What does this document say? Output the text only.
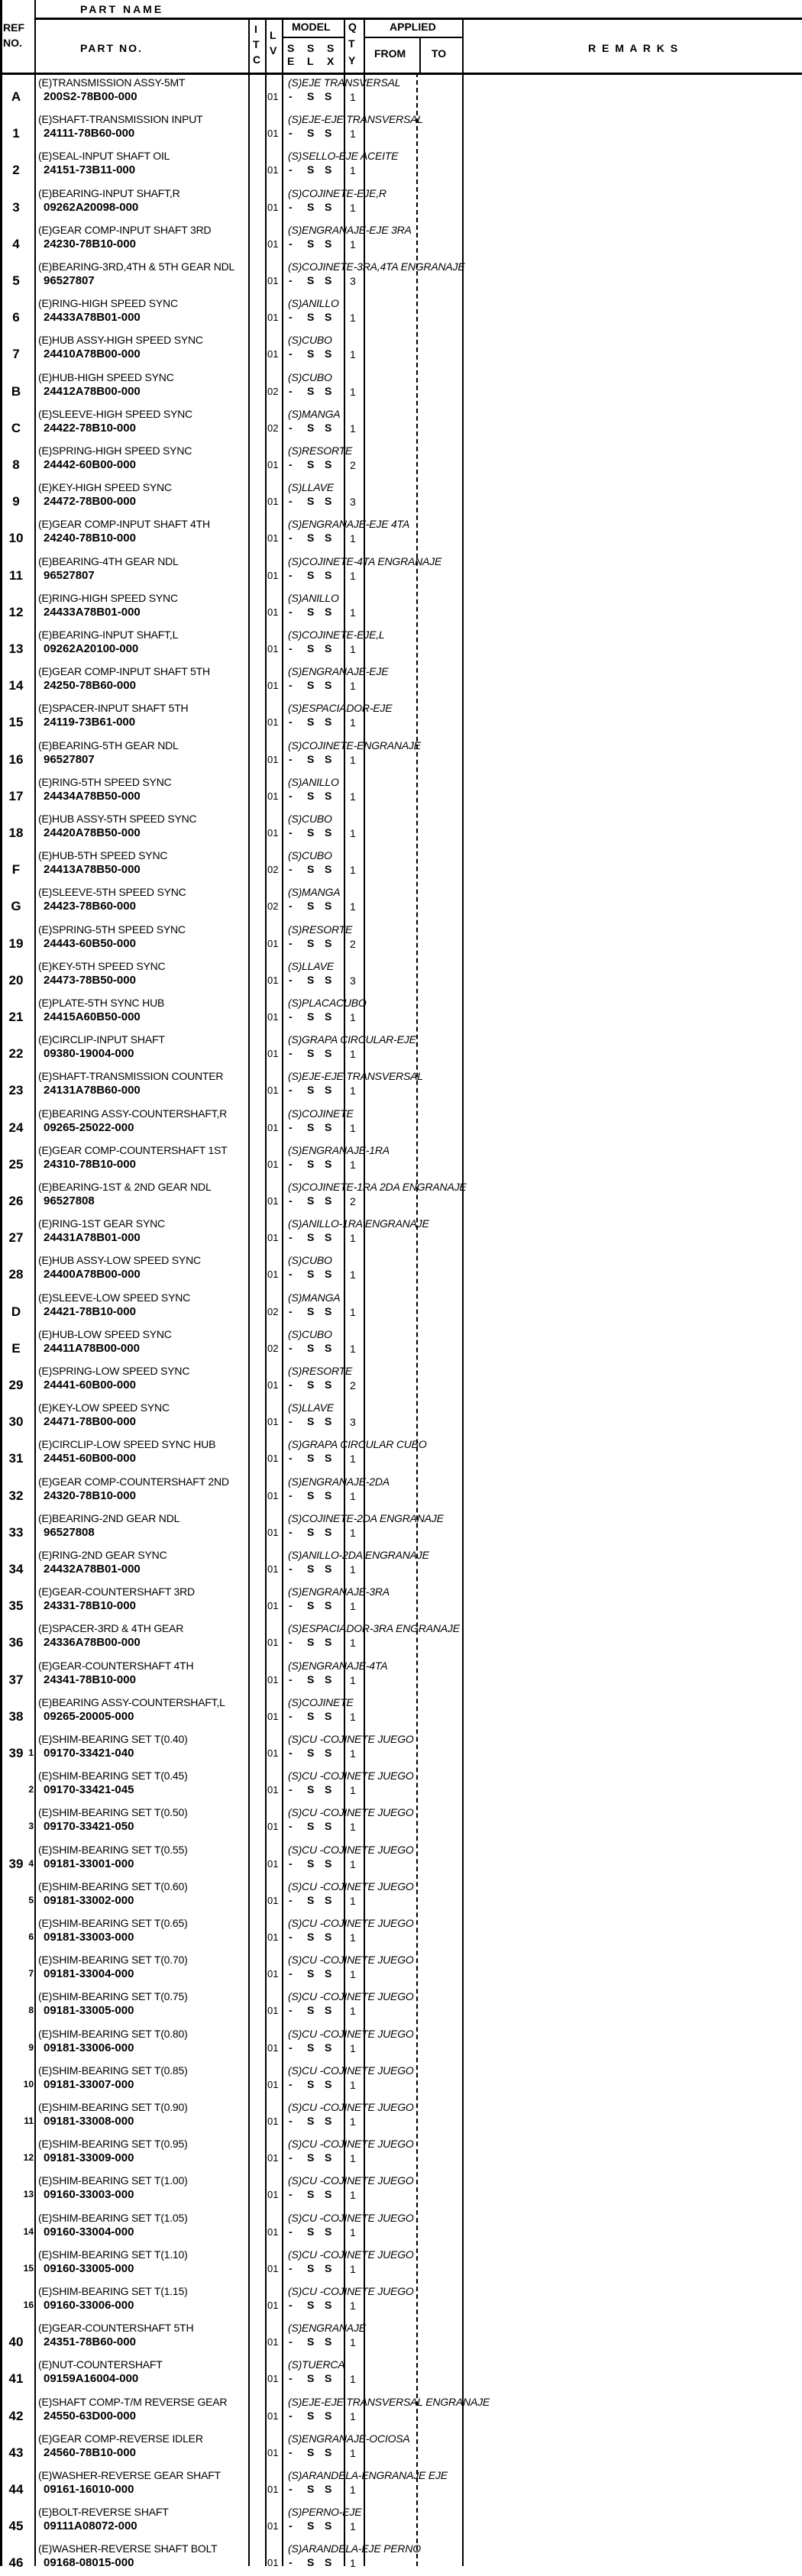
PART NAME
REF
NO.	PART NO.
I
T
C
L
V
MODEL
S
E
S
L
S
X
Q
T
Y
APPLIED
FROM TO	R E M A R K S
A
(E)TRANSMISSION ASSY-5MT
200S2-78B00-000
(S)EJE TRANSVERSAL
01 - S S 1
1
(E)SHAFT-TRANSMISSION INPUT
24111-78B60-000
(S)EJE-EJE TRANSVERSAL
01 - S S 1
2
(E)SEAL-INPUT SHAFT OIL
24151-73B11-000
(S)SELLO-EJE ACEITE
01 - S S 1
3
(E)BEARING-INPUT SHAFT,R
09262A20098-000
(S)COJINETE-EJE,R
01 - S S 1
4
(E)GEAR COMP-INPUT SHAFT 3RD
24230-78B10-000
(S)ENGRANAJE-EJE 3RA
01 - S S 1
5
(E)BEARING-3RD,4TH & 5TH GEAR NDL
96527807
(S)COJINETE-3RA,4TA ENGRANAJE
01 - S S 3
6
(E)RING-HIGH SPEED SYNC
24433A78B01-000
(S)ANILLO
01 - S S 1
7
(E)HUB ASSY-HIGH SPEED SYNC
24410A78B00-000
(S)CUBO
01 - S S 1
B
(E)HUB-HIGH SPEED SYNC
24412A78B00-000
(S)CUBO
02 - S S 1
C
(E)SLEEVE-HIGH SPEED SYNC
24422-78B10-000
(S)MANGA
02 - S S 1
8
(E)SPRING-HIGH SPEED SYNC
24442-60B00-000
(S)RESORTE
01 - S S 2
9
(E)KEY-HIGH SPEED SYNC
24472-78B00-000
(S)LLAVE
01 - S S 3
10
(E)GEAR COMP-INPUT SHAFT 4TH
24240-78B10-000
(S)ENGRANAJE-EJE 4TA
01 - S S 1
11
(E)BEARING-4TH GEAR NDL
96527807
(S)COJINETE-4TA ENGRANAJE
01 - S S 1
12
(E)RING-HIGH SPEED SYNC
24433A78B01-000
(S)ANILLO
01 - S S 1
13
(E)BEARING-INPUT SHAFT,L
09262A20100-000
(S)COJINETE-EJE,L
01 - S S 1
14
(E)GEAR COMP-INPUT SHAFT 5TH
24250-78B60-000
(S)ENGRANAJE-EJE
01 - S S 1
15
(E)SPACER-INPUT SHAFT 5TH
24119-73B61-000
(S)ESPACIADOR-EJE
01 - S S 1
16
(E)BEARING-5TH GEAR NDL
96527807
(S)COJINETE-ENGRANAJE
01 - S S 1
17
(E)RING-5TH SPEED SYNC
24434A78B50-000
(S)ANILLO
01 - S S 1
18
(E)HUB ASSY-5TH SPEED SYNC
24420A78B50-000
(S)CUBO
01 - S S 1
F
(E)HUB-5TH SPEED SYNC
24413A78B50-000
(S)CUBO
02 - S S 1
G
(E)SLEEVE-5TH SPEED SYNC
24423-78B60-000
(S)MANGA
02 - S S 1
19
(E)SPRING-5TH SPEED SYNC
24443-60B50-000
(S)RESORTE
01 - S S 2
20
(E)KEY-5TH SPEED SYNC
24473-78B50-000
(S)LLAVE
01 - S S 3
21
(E)PLATE-5TH SYNC HUB
24415A60B50-000
(S)PLACACUBO
01 - S S 1
22
(E)CIRCLIP-INPUT SHAFT
09380-19004-000
(S)GRAPA CIRCULAR-EJE
01 - S S 1
23
(E)SHAFT-TRANSMISSION COUNTER
24131A78B60-000
(S)EJE-EJE TRANSVERSAL
01 - S S 1
24
(E)BEARING ASSY-COUNTERSHAFT,R
09265-25022-000
(S)COJINETE
01 - S S 1
25
(E)GEAR COMP-COUNTERSHAFT 1ST
24310-78B10-000
(S)ENGRANAJE-1RA
01 - S S 1
26
(E)BEARING-1ST & 2ND GEAR NDL
96527808
(S)COJINETE-1RA 2DA ENGRANAJE
01 - S S 2
27
(E)RING-1ST GEAR SYNC
24431A78B01-000
(S)ANILLO-1RA ENGRANAJE
01 - S S 1
28
(E)HUB ASSY-LOW SPEED SYNC
24400A78B00-000
(S)CUBO
01 - S S 1
D
(E)SLEEVE-LOW SPEED SYNC
24421-78B10-000
(S)MANGA
02 - S S 1
E
(E)HUB-LOW SPEED SYNC
24411A78B00-000
(S)CUBO
02 - S S 1
29
(E)SPRING-LOW SPEED SYNC
24441-60B00-000
(S)RESORTE
01 - S S 2
30
(E)KEY-LOW SPEED SYNC
24471-78B00-000
(S)LLAVE
01 - S S 3
31
(E)CIRCLIP-LOW SPEED SYNC HUB
24451-60B00-000
(S)GRAPA CIRCULAR CUBO
01 - S S 1
32
(E)GEAR COMP-COUNTERSHAFT 2ND
24320-78B10-000
(S)ENGRANAJE-2DA
01 - S S 1
33
(E)BEARING-2ND GEAR NDL
96527808
(S)COJINETE-2DA ENGRANAJE
01 - S S 1
34
(E)RING-2ND GEAR SYNC
24432A78B01-000
(S)ANILLO-2DA ENGRANAJE
01 - S S 1
35
(E)GEAR-COUNTERSHAFT 3RD
24331-78B10-000
(S)ENGRANAJE-3RA
01 - S S 1
36
(E)SPACER-3RD & 4TH GEAR
24336A78B00-000
(S)ESPACIADOR-3RA ENGRANAJE
01 - S S 1
37
(E)GEAR-COUNTERSHAFT 4TH
24341-78B10-000
(S)ENGRANAJE-4TA
01 - S S 1
38
(E)BEARING ASSY-COUNTERSHAFT,L
09265-20005-000
(S)COJINETE
01 - S S 1
39 1
(E)SHIM-BEARING SET T(0.40)
09170-33421-040
(S)CU -COJINETE JUEGO
01 - S S 1
2
(E)SHIM-BEARING SET T(0.45)
09170-33421-045
(S)CU -COJINETE JUEGO
01 - S S 1
3
(E)SHIM-BEARING SET T(0.50)
09170-33421-050
(S)CU -COJINETE JUEGO
01 - S S 1
39 4
(E)SHIM-BEARING SET T(0.55)
09181-33001-000
(S)CU -COJINETE JUEGO
01 - S S 1
5
(E)SHIM-BEARING SET T(0.60)
09181-33002-000
(S)CU -COJINETE JUEGO
01 - S S 1
6
(E)SHIM-BEARING SET T(0.65)
09181-33003-000
(S)CU -COJINETE JUEGO
01 - S S 1
7
(E)SHIM-BEARING SET T(0.70)
09181-33004-000
(S)CU -COJINETE JUEGO
01 - S S 1
8
(E)SHIM-BEARING SET T(0.75)
09181-33005-000
(S)CU -COJINETE JUEGO
01 - S S 1
9
(E)SHIM-BEARING SET T(0.80)
09181-33006-000
(S)CU -COJINETE JUEGO
01 - S S 1
10
(E)SHIM-BEARING SET T(0.85)
09181-33007-000
(S)CU -COJINETE JUEGO
01 - S S 1
11
(E)SHIM-BEARING SET T(0.90)
09181-33008-000
(S)CU -COJINETE JUEGO
01 - S S 1
12
(E)SHIM-BEARING SET T(0.95)
09181-33009-000
(S)CU -COJINETE JUEGO
01 - S S 1
13
(E)SHIM-BEARING SET T(1.00)
09160-33003-000
(S)CU -COJINETE JUEGO
01 - S S 1
14
(E)SHIM-BEARING SET T(1.05)
09160-33004-000
(S)CU -COJINETE JUEGO
01 - S S 1
15
(E)SHIM-BEARING SET T(1.10)
09160-33005-000
(S)CU -COJINETE JUEGO
01 - S S 1
16
(E)SHIM-BEARING SET T(1.15)
09160-33006-000
(S)CU -COJINETE JUEGO
01 - S S 1
40
(E)GEAR-COUNTERSHAFT 5TH
24351-78B60-000
(S)ENGRANAJE
01 - S S 1
41
(E)NUT-COUNTERSHAFT
09159A16004-000
(S)TUERCA
01 - S S 1
42
(E)SHAFT COMP-T/M REVERSE GEAR
24550-63D00-000
(S)EJE-EJE TRANSVERSAL ENGRANAJE
01 - S S 1
43
(E)GEAR COMP-REVERSE IDLER
24560-78B10-000
(S)ENGRANAJE-OCIOSA
01 - S S 1
44
(E)WASHER-REVERSE GEAR SHAFT
09161-16010-000
(S)ARANDELA-ENGRANAJE EJE
01 - S S 1
45
(E)BOLT-REVERSE SHAFT
09111A08072-000
(S)PERNO-EJE
01 - S S 1
46
(E)WASHER-REVERSE SHAFT BOLT
09168-08015-000
(S)ARANDELA-EJE PERNO
01 - S S 1
